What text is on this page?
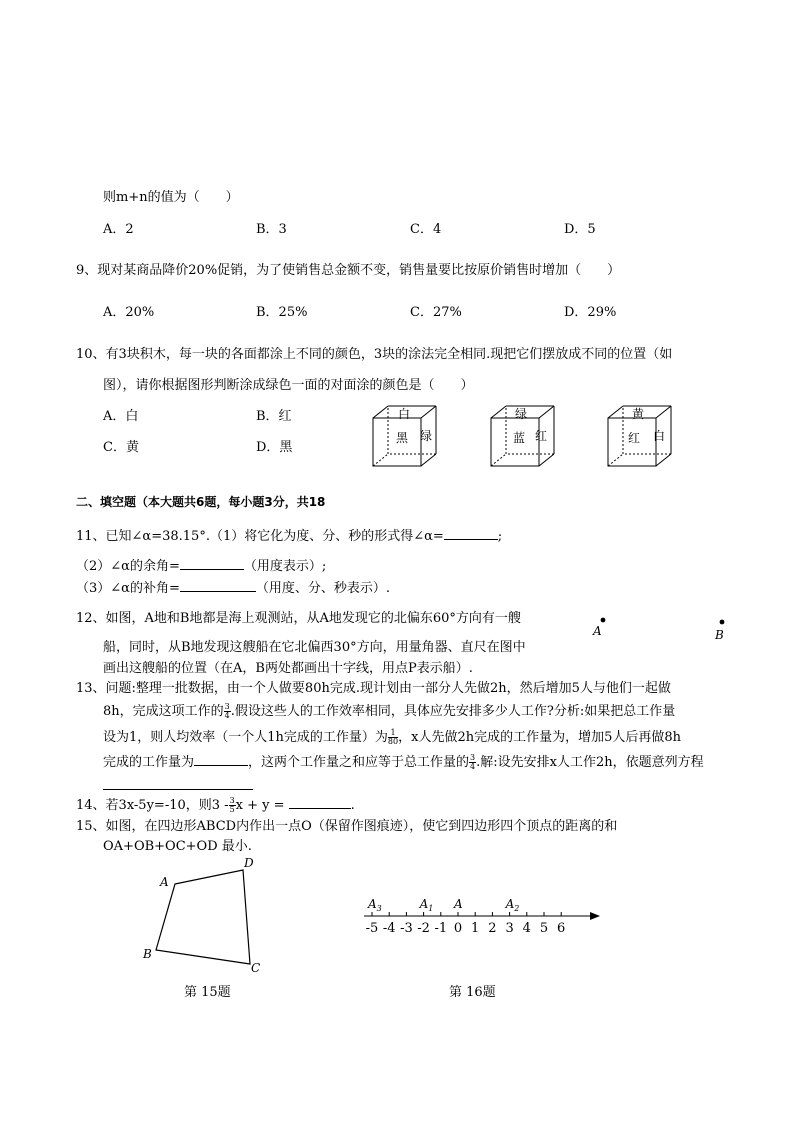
则m+n的值为（　　）
A．2	B．3	C．4	D．5
9、现对某商品降价20%促销，为了使销售总金额不变，销售量要比按原价销售时增加（　　）
A．20%	B．25%	C．27%	D．29%
10、有3块积木，每一块的各面都涂上不同的颜色，3块的涂法完全相同.现把它们摆放成不同的位置（如
图），请你根据图形判断涂成绿色一面的对面涂的颜色是（　　）
A．白	B．红
C．黄	D．黑
白
黑 绿
绿
蓝 红
黄
红 白
二、填空题（本大题共6题，每小题3分，共18
11、已知∠α=38.15°.（1）将它化为度、分、秒的形式得∠α=	;
（2）∠α的余角=	（用度表示）;
（3）∠α的补角=	（用度、分、秒表示）.
12、如图，A地和B地都是海上观测站，从A地发现它的北偏东60°方向有一艘
船，同时，从B地发现这艘船在它北偏西30°方向，用量角器、直尺在图中
画出这艘船的位置（在A，B两处都画出十字线，用点P表示船）.
A	B
13、问题:整理一批数据，由一个人做要80h完成.现计划由一部分人先做2h，然后增加5人与他们一起做
8h，完成这项工作的 $\frac{3}{4}$ .假设这些人的工作效率相同，具体应先安排多少人工作?分析:如果把总工作量
设为1，则人均效率（一个人1h完成的工作量）为 $\frac{1}{80}$ ，x人先做2h完成的工作量为，增加5人后再做8h
完成的工作量为	，这两个工作量之和应等于总工作量的 $\frac{3}{4}$ .解:设先安排x人工作2h，依题意列方程
14、若3x-5y=-10，则$3 - \frac{3}{5}$ x + y =	.
15、如图，在四边形ABCD内作出一点O（保留作图痕迹），使它到四边形四个顶点的距离的和
OA+OB+OC+OD 最小.
A
B
C
D
第 15题
-5 -4 -3 -2 -1 0 1 2 3 4 5 6
$A_3$	$A_1$ A	$A_2$
第 16题
